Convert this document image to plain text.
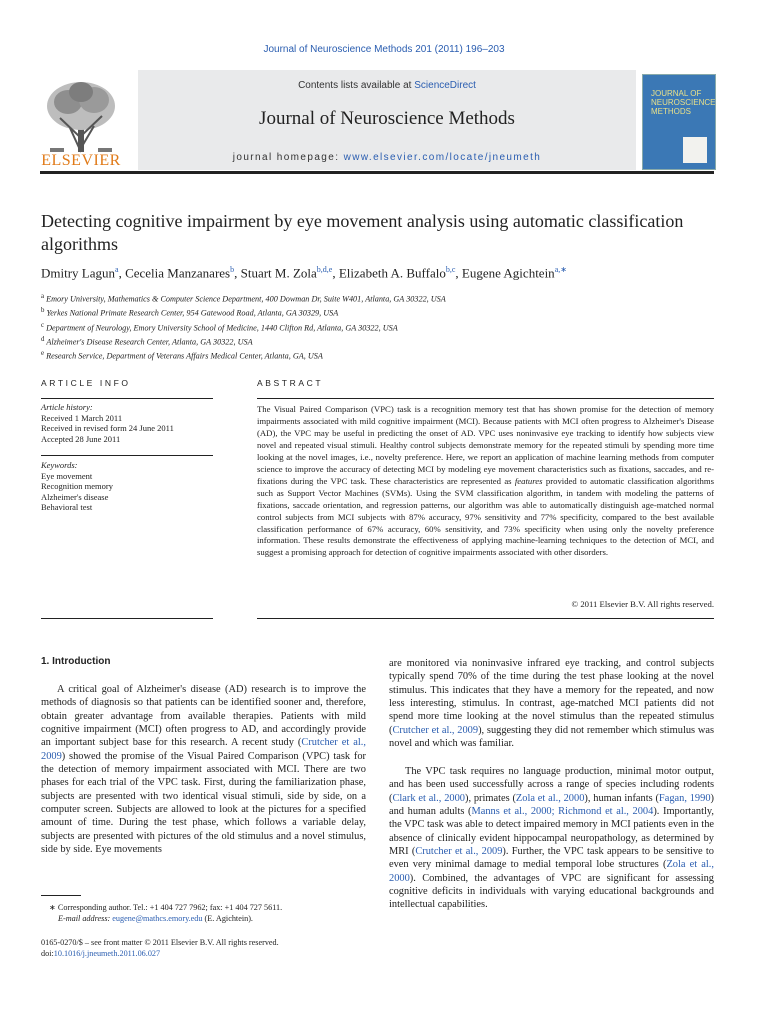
Journal of Neuroscience Methods 201 (2011) 196–203
ELSEVIER
Contents lists available at ScienceDirect
Journal of Neuroscience Methods
journal homepage: www.elsevier.com/locate/jneumeth
JOURNAL OF NEUROSCIENCE METHODS
Detecting cognitive impairment by eye movement analysis using automatic classification algorithms
Dmitry Lagun$^a$, Cecelia Manzanares$^b$, Stuart M. Zola$^{b,d,e}$, Elizabeth A. Buffalo$^{b,c}$, Eugene Agichtein$^{a,∗}$
$^a$ Emory University, Mathematics & Computer Science Department, 400 Dowman Dr, Suite W401, Atlanta, GA 30322, USA
$^b$ Yerkes National Primate Research Center, 954 Gatewood Road, Atlanta, GA 30329, USA
$^c$ Department of Neurology, Emory University School of Medicine, 1440 Clifton Rd, Atlanta, GA 30322, USA
$^d$ Alzheimer's Disease Research Center, Atlanta, GA 30322, USA
$^e$ Research Service, Department of Veterans Affairs Medical Center, Atlanta, GA, USA
ARTICLE INFO	ABSTRACT
Article history:
Received 1 March 2011
Received in revised form 24 June 2011
Accepted 28 June 2011
Keywords:
Eye movement
Recognition memory
Alzheimer's disease
Behavioral test
The Visual Paired Comparison (VPC) task is a recognition memory test that has shown promise for the detection of memory impairments associated with mild cognitive impairment (MCI). Because patients with MCI often progress to Alzheimer's Disease (AD), the VPC may be useful in predicting the onset of AD. VPC uses noninvasive eye tracking to identify how subjects view novel and repeated visual stimuli. Healthy control subjects demonstrate memory for the repeated stimuli by spending more time looking at the novel images, i.e., novelty preference. Here, we report an application of machine learning methods from computer science to improve the accuracy of detecting MCI by modeling eye movement characteristics such as fixations, saccades, and re-fixations during the VPC task. These characteristics are represented as features provided to automatic classification algorithms such as Support Vector Machines (SVMs). Using the SVM classification algorithm, in tandem with modeling the patterns of fixations, saccade orientation, and regression patterns, our algorithm was able to automatically distinguish age-matched normal control subjects from MCI subjects with 87% accuracy, 97% sensitivity and 77% specificity, compared to the best available classification performance of 67% accuracy, 60% sensitivity, and 73% specificity when using only the novelty preference information. These results demonstrate the effectiveness of applying machine-learning techniques to the detection of MCI, and suggest a promising approach for detection of cognitive impairments associated with other disorders.
© 2011 Elsevier B.V. All rights reserved.
1. Introduction
A critical goal of Alzheimer's disease (AD) research is to improve the methods of diagnosis so that patients can be identified sooner and, therefore, obtain greater advantage from available therapies. Patients with mild cognitive impairment (MCI) often progress to AD, and accordingly provide an important subject base for this research. A recent study (Crutcher et al., 2009) showed the promise of the Visual Paired Comparison (VPC) task for the detection of memory impairment associated with MCI. There are two phases for each trial of the VPC task. First, during the familiarization phase, subjects are presented with two identical visual stimuli, side by side, on a computer screen. Subjects are allowed to look at the pictures for a specified amount of time. During the test phase, which follows a variable delay, subjects are presented with pictures of the old stimulus and a novel stimulus, side by side. Eye movements
are monitored via noninvasive infrared eye tracking, and control subjects typically spend 70% of the time during the test phase looking at the novel stimulus. This indicates that they have a memory for the repeated, and now less interesting, stimulus. In contrast, age-matched MCI patients did not spend more time looking at the novel stimulus than the repeated stimulus (Crutcher et al., 2009), suggesting they did not remember which stimulus was novel and which was familiar.
The VPC task requires no language production, minimal motor output, and has been used successfully across a range of species including rodents (Clark et al., 2000), primates (Zola et al., 2000), human infants (Fagan, 1990) and human adults (Manns et al., 2000; Richmond et al., 2004). Importantly, the VPC task was able to detect impaired memory in MCI patients even in the absence of clinically evident hippocampal neuropathology, as determined by MRI (Crutcher et al., 2009). Further, the VPC task appears to be sensitive to even very minimal damage to medial temporal lobe structures (Zola et al., 2000). Combined, the advantages of VPC are significant for assessing cognitive deficits in individuals with varying educational backgrounds and intellectual capabilities.
∗ Corresponding author. Tel.: +1 404 727 7962; fax: +1 404 727 5611.
E-mail address: eugene@mathcs.emory.edu (E. Agichtein).
0165-0270/$ – see front matter © 2011 Elsevier B.V. All rights reserved.
doi:10.1016/j.jneumeth.2011.06.027
